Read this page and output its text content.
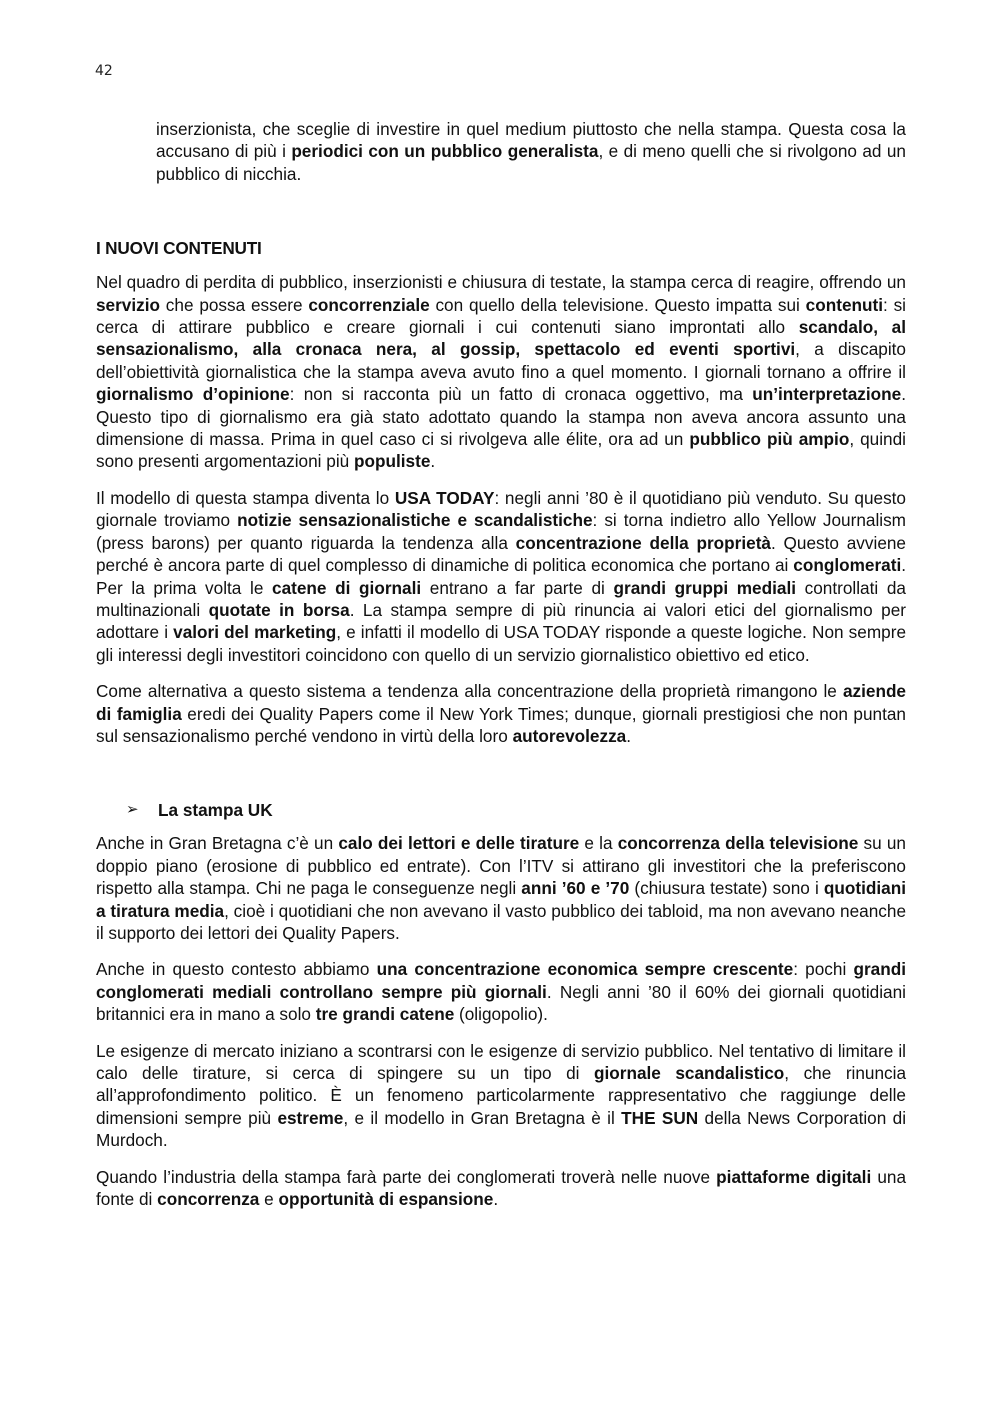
42

inserzionista, che sceglie di investire in quel medium piuttosto che nella stampa. Questa cosa la accusano di più i periodici con un pubblico generalista, e di meno quelli che si rivolgono ad un pubblico di nicchia.

I NUOVI CONTENUTI

Nel quadro di perdita di pubblico, inserzionisti e chiusura di testate, la stampa cerca di reagire, offrendo un servizio che possa essere concorrenziale con quello della televisione. Questo impatta sui contenuti: si cerca di attirare pubblico e creare giornali i cui contenuti siano improntati allo scandalo, al sensazionalismo, alla cronaca nera, al gossip, spettacolo ed eventi sportivi, a discapito dell’obiettività giornalistica che la stampa aveva avuto fino a quel momento. I giornali tornano a offrire il giornalismo d’opinione: non si racconta più un fatto di cronaca oggettivo, ma un’interpretazione. Questo tipo di giornalismo era già stato adottato quando la stampa non aveva ancora assunto una dimensione di massa. Prima in quel caso ci si rivolgeva alle élite, ora ad un pubblico più ampio, quindi sono presenti argomentazioni più populiste.

Il modello di questa stampa diventa lo USA TODAY: negli anni ’80 è il quotidiano più venduto. Su questo giornale troviamo notizie sensazionalistiche e scandalistiche: si torna indietro allo Yellow Journalism (press barons) per quanto riguarda la tendenza alla concentrazione della proprietà. Questo avviene perché è ancora parte di quel complesso di dinamiche di politica economica che portano ai conglomerati. Per la prima volta le catene di giornali entrano a far parte di grandi gruppi mediali controllati da multinazionali quotate in borsa. La stampa sempre di più rinuncia ai valori etici del giornalismo per adottare i valori del marketing, e infatti il modello di USA TODAY risponde a queste logiche. Non sempre gli interessi degli investitori coincidono con quello di un servizio giornalistico obiettivo ed etico.

Come alternativa a questo sistema a tendenza alla concentrazione della proprietà rimangono le aziende di famiglia eredi dei Quality Papers come il New York Times; dunque, giornali prestigiosi che non puntan sul sensazionalismo perché vendono in virtù della loro autorevolezza.

➢	La stampa UK

Anche in Gran Bretagna c’è un calo dei lettori e delle tirature e la concorrenza della televisione su un doppio piano (erosione di pubblico ed entrate). Con l’ITV si attirano gli investitori che la preferiscono rispetto alla stampa. Chi ne paga le conseguenze negli anni ’60 e ’70 (chiusura testate) sono i quotidiani a tiratura media, cioè i quotidiani che non avevano il vasto pubblico dei tabloid, ma non avevano neanche il supporto dei lettori dei Quality Papers.

Anche in questo contesto abbiamo una concentrazione economica sempre crescente: pochi grandi conglomerati mediali controllano sempre più giornali. Negli anni ’80 il 60% dei giornali quotidiani britannici era in mano a solo tre grandi catene (oligopolio).

Le esigenze di mercato iniziano a scontrarsi con le esigenze di servizio pubblico. Nel tentativo di limitare il calo delle tirature, si cerca di spingere su un tipo di giornale scandalistico, che rinuncia all’approfondimento politico. È un fenomeno particolarmente rappresentativo che raggiunge delle dimensioni sempre più estreme, e il modello in Gran Bretagna è il THE SUN della News Corporation di Murdoch.

Quando l’industria della stampa farà parte dei conglomerati troverà nelle nuove piattaforme digitali una fonte di concorrenza e opportunità di espansione.
